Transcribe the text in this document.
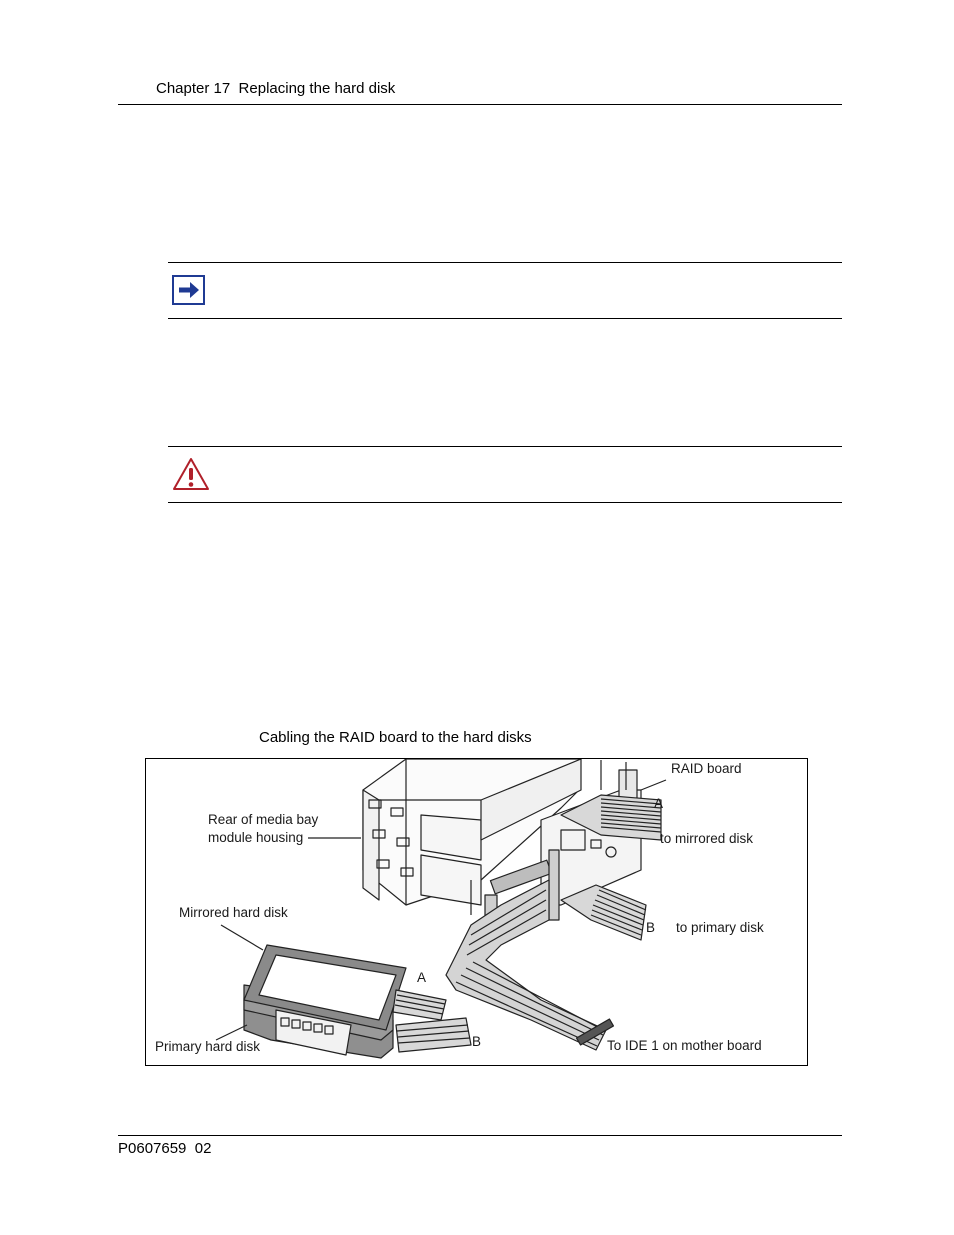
Chapter 17  Replacing the hard disk
Cabling the RAID board to the hard disks
RAID board
A
to mirrored disk
Rear of media bay
module housing
B to primary disk
Mirrored hard disk
A
Primary hard disk	B	To IDE 1 on mother board
P0607659  02
